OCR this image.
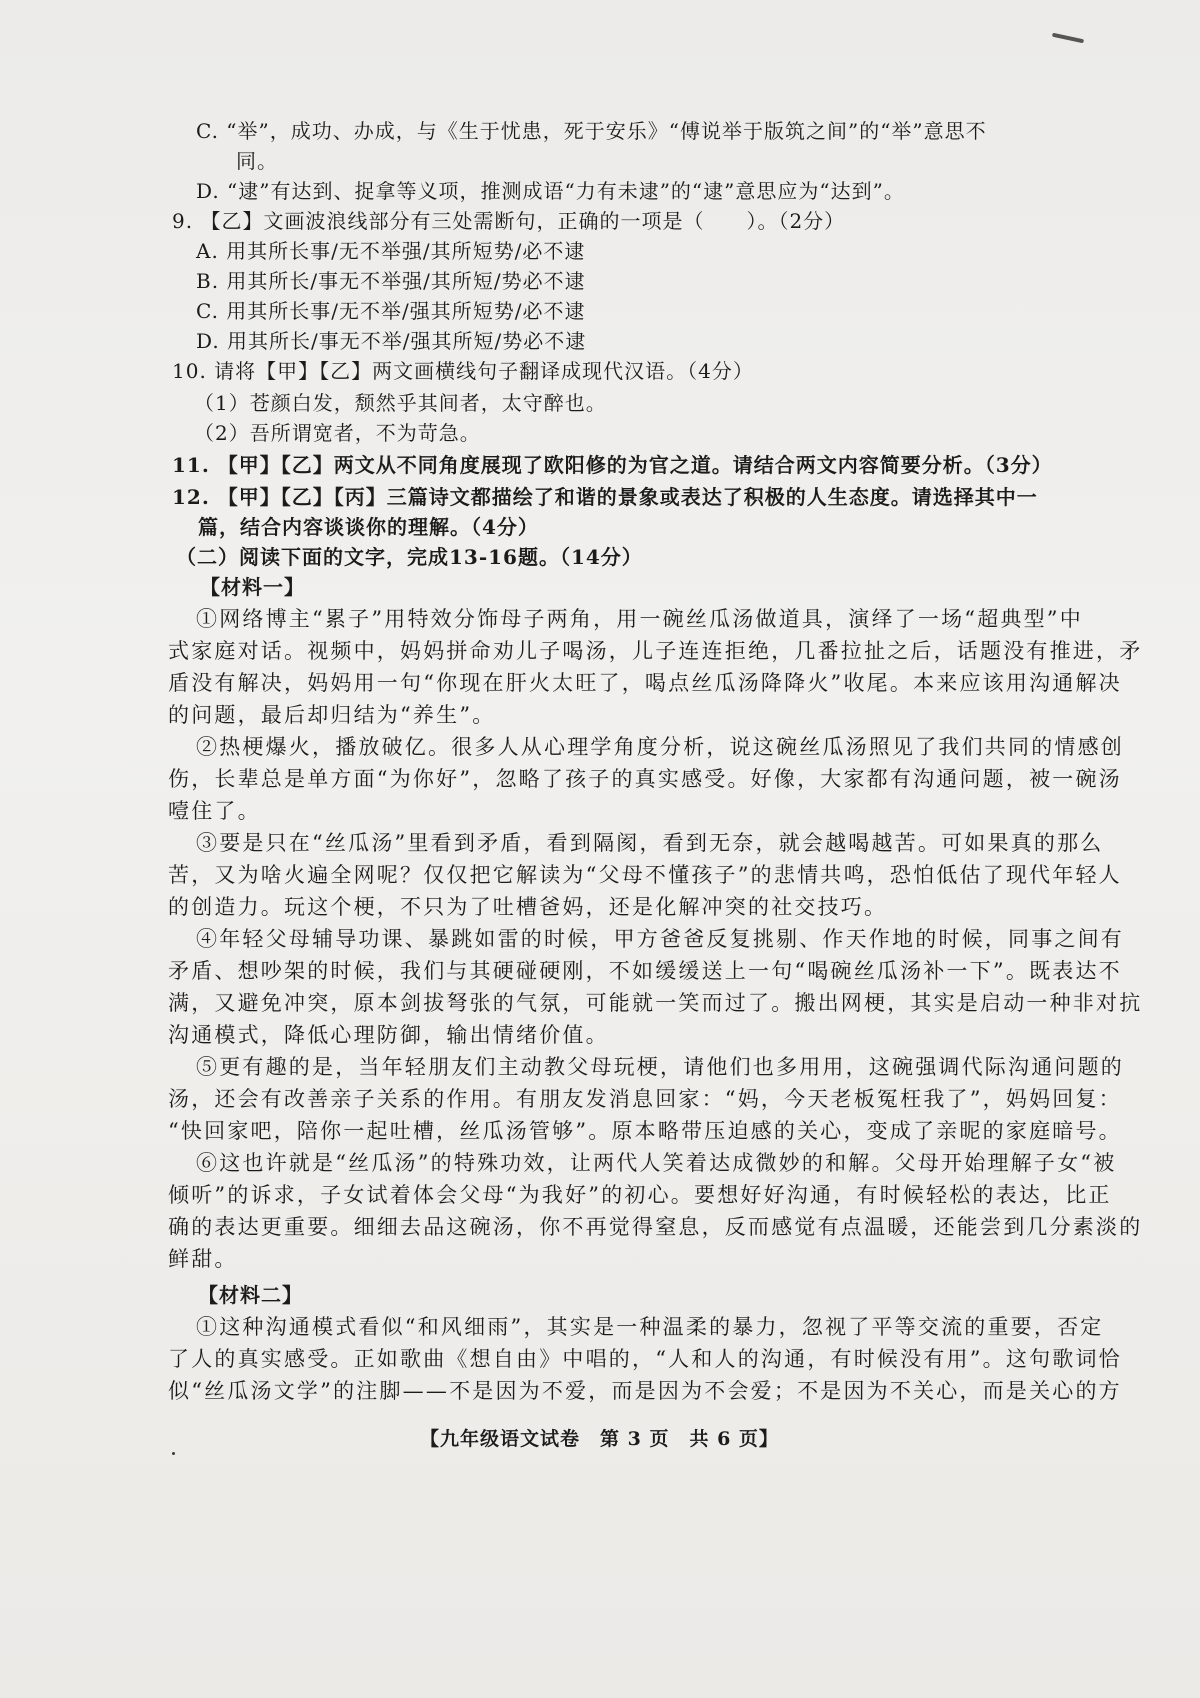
C. “举”，成功、办成，与《生于忧患，死于安乐》“傅说举于版筑之间”的“举”意思不
同。
D. “逮”有达到、捉拿等义项，推测成语“力有未逮”的“逮”意思应为“达到”。
9. 【乙】文画波浪线部分有三处需断句，正确的一项是（　　）。（2分）
A. 用其所长事/无不举强/其所短势/必不逮
B. 用其所长/事无不举强/其所短/势必不逮
C. 用其所长事/无不举/强其所短势/必不逮
D. 用其所长/事无不举/强其所短/势必不逮
10. 请将【甲】【乙】两文画横线句子翻译成现代汉语。（4分）
（1）苍颜白发，颓然乎其间者，太守醉也。
（2）吾所谓宽者，不为苛急。
11. 【甲】【乙】两文从不同角度展现了欧阳修的为官之道。请结合两文内容简要分析。（3分）
12. 【甲】【乙】【丙】三篇诗文都描绘了和谐的景象或表达了积极的人生态度。请选择其中一
篇，结合内容谈谈你的理解。（4分）
（二）阅读下面的文字，完成13-16题。（14分）
【材料一】
①网络博主“累子”用特效分饰母子两角，用一碗丝瓜汤做道具，演绎了一场“超典型”中
式家庭对话。视频中，妈妈拼命劝儿子喝汤，儿子连连拒绝，几番拉扯之后，话题没有推进，矛
盾没有解决，妈妈用一句“你现在肝火太旺了，喝点丝瓜汤降降火”收尾。本来应该用沟通解决
的问题，最后却归结为“养生”。
②热梗爆火，播放破亿。很多人从心理学角度分析，说这碗丝瓜汤照见了我们共同的情感创
伤，长辈总是单方面“为你好”，忽略了孩子的真实感受。好像，大家都有沟通问题，被一碗汤
噎住了。
③要是只在“丝瓜汤”里看到矛盾，看到隔阂，看到无奈，就会越喝越苦。可如果真的那么
苦，又为啥火遍全网呢？仅仅把它解读为“父母不懂孩子”的悲情共鸣，恐怕低估了现代年轻人
的创造力。玩这个梗，不只为了吐槽爸妈，还是化解冲突的社交技巧。
④年轻父母辅导功课、暴跳如雷的时候，甲方爸爸反复挑剔、作天作地的时候，同事之间有
矛盾、想吵架的时候，我们与其硬碰硬刚，不如缓缓送上一句“喝碗丝瓜汤补一下”。既表达不
满，又避免冲突，原本剑拔弩张的气氛，可能就一笑而过了。搬出网梗，其实是启动一种非对抗
沟通模式，降低心理防御，输出情绪价值。
⑤更有趣的是，当年轻朋友们主动教父母玩梗，请他们也多用用，这碗强调代际沟通问题的
汤，还会有改善亲子关系的作用。有朋友发消息回家：“妈，今天老板冤枉我了”，妈妈回复：
“快回家吧，陪你一起吐槽，丝瓜汤管够”。原本略带压迫感的关心，变成了亲昵的家庭暗号。
⑥这也许就是“丝瓜汤”的特殊功效，让两代人笑着达成微妙的和解。父母开始理解子女“被
倾听”的诉求，子女试着体会父母“为我好”的初心。要想好好沟通，有时候轻松的表达，比正
确的表达更重要。细细去品这碗汤，你不再觉得窒息，反而感觉有点温暖，还能尝到几分素淡的
鲜甜。
【材料二】
①这种沟通模式看似“和风细雨”，其实是一种温柔的暴力，忽视了平等交流的重要，否定
了人的真实感受。正如歌曲《想自由》中唱的，“人和人的沟通，有时候没有用”。这句歌词恰
似“丝瓜汤文学”的注脚——不是因为不爱，而是因为不会爱；不是因为不关心，而是关心的方
【九年级语文试卷　第 3 页　共 6 页】
